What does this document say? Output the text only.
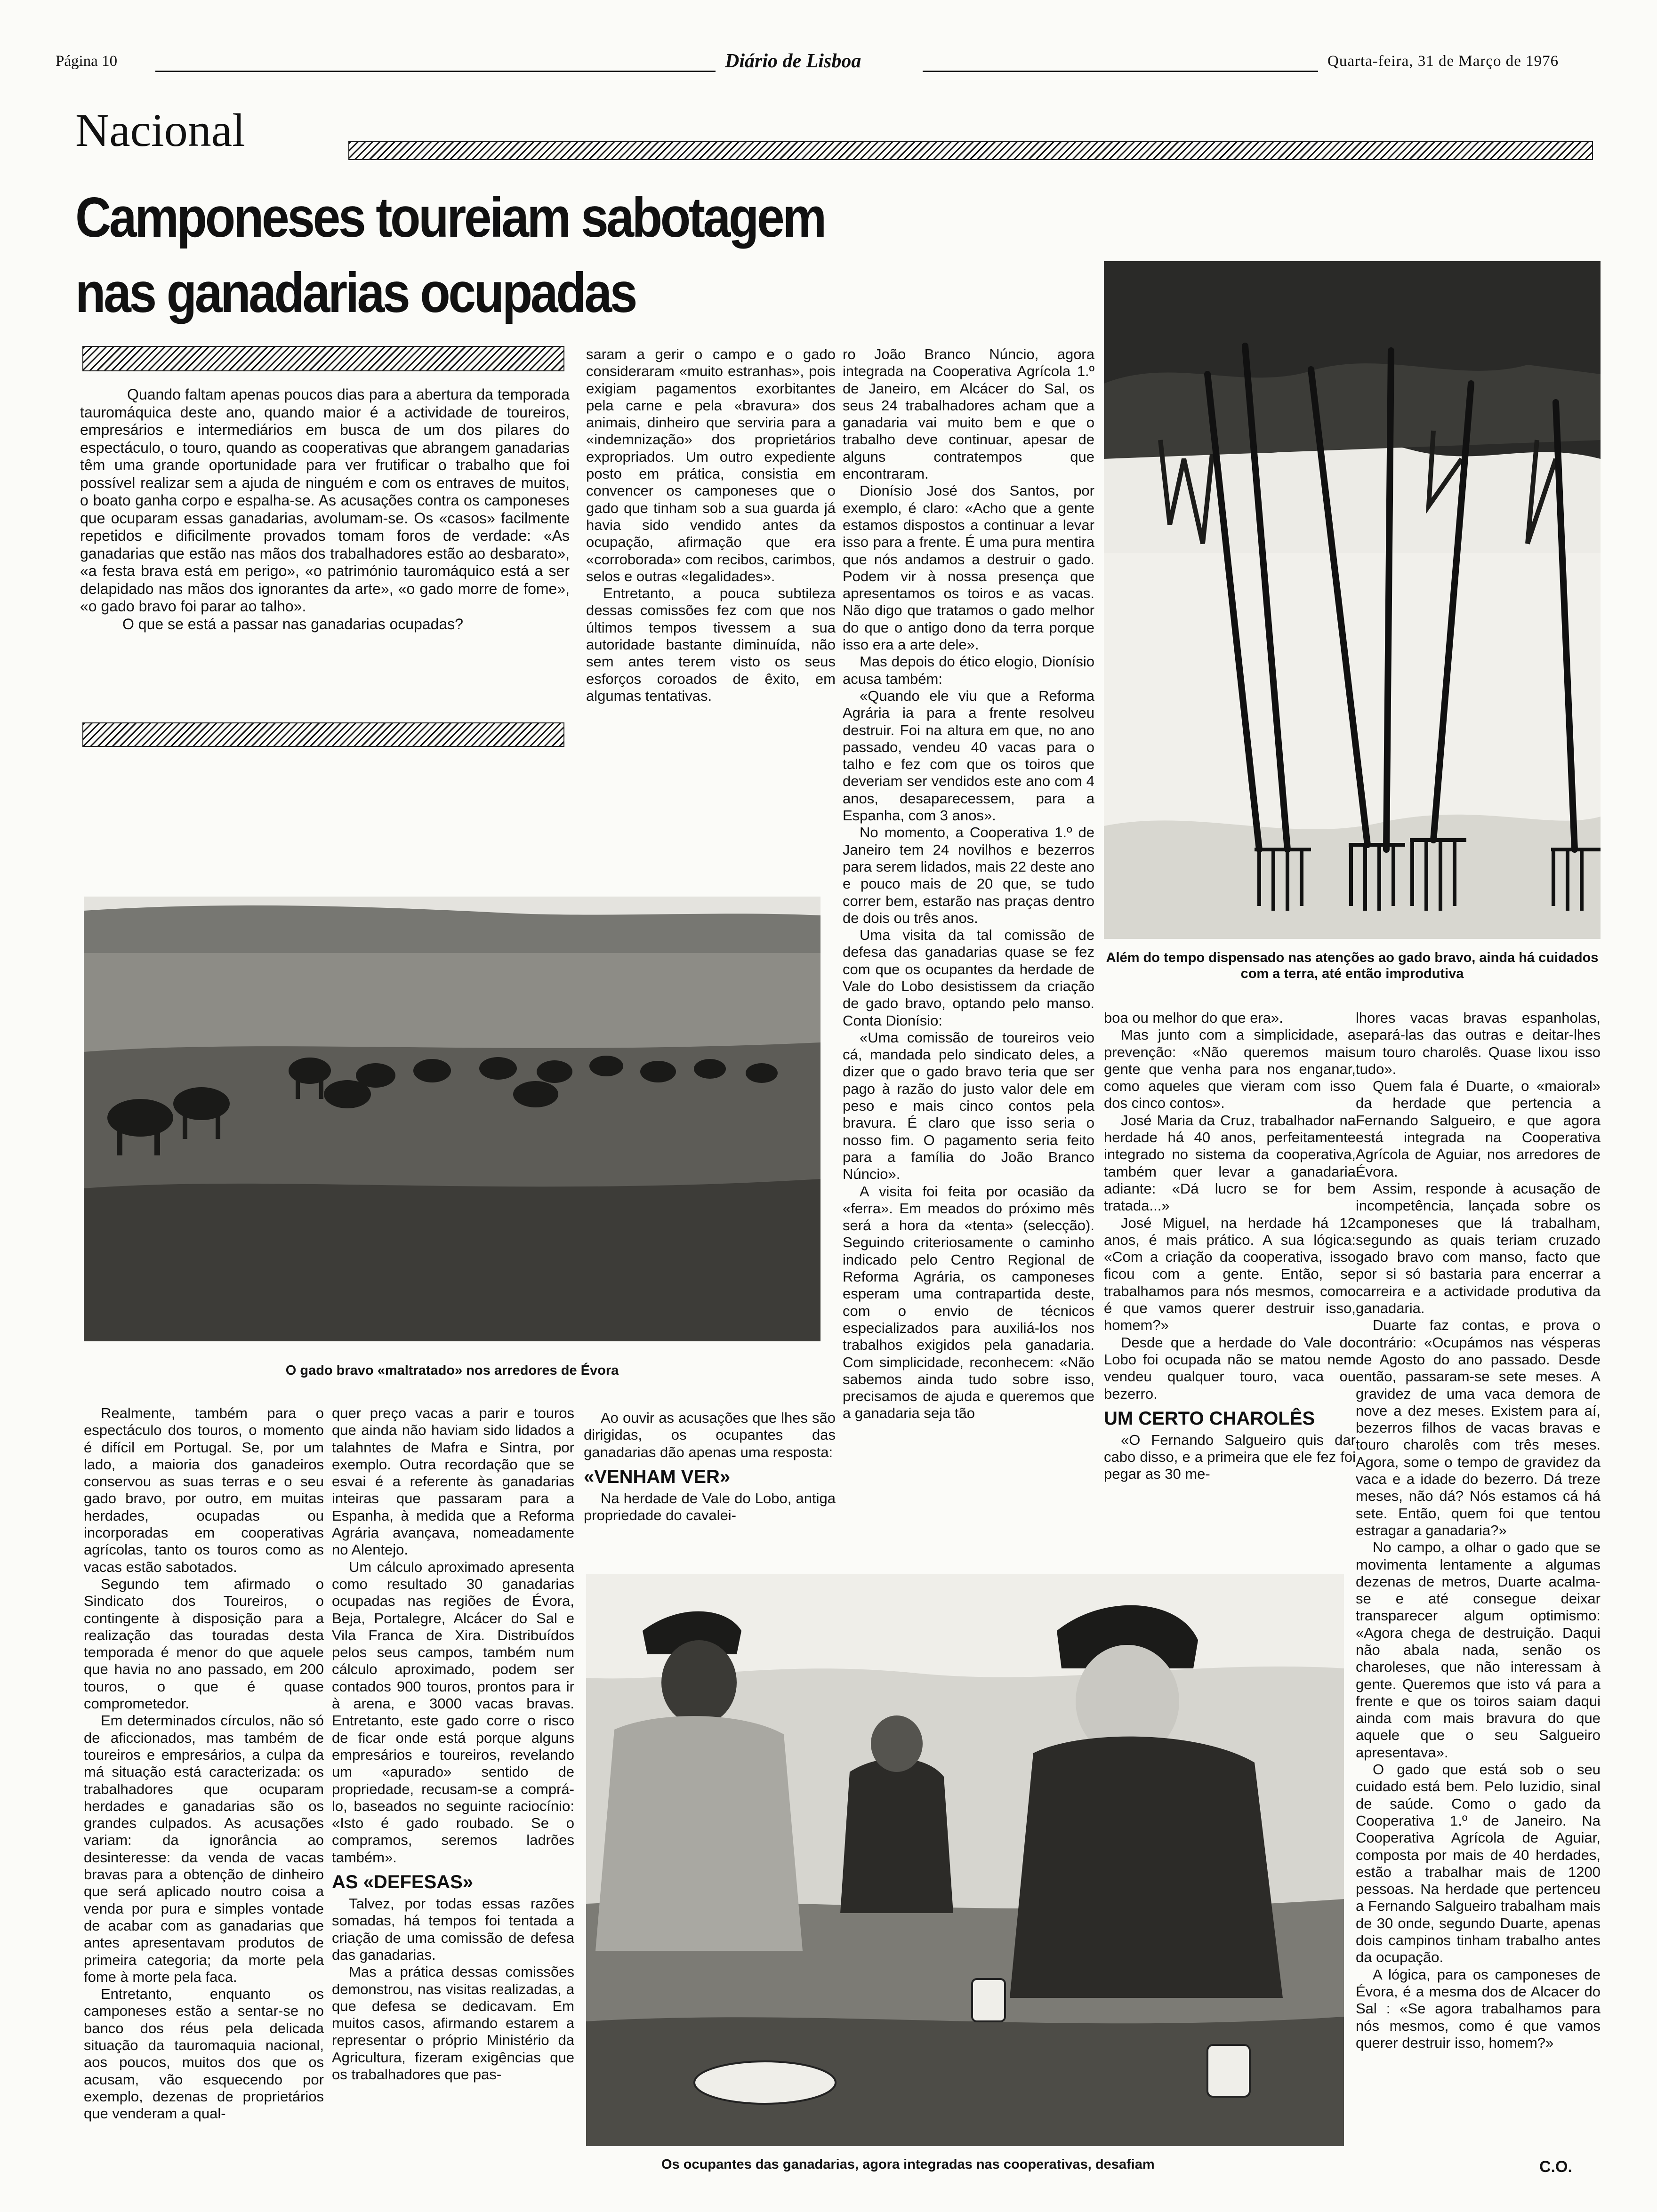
Página 10	Diário de Lisboa	Quarta-feira, 31 de Março de 1976
Nacional
Camponeses toureiam sabotagem
nas ganadarias ocupadas

Quando faltam apenas poucos dias para a abertura da temporada tauromáquica deste ano, quando maior é a actividade de toureiros, empresários e intermediários em busca de um dos pilares do espectáculo, o touro, quando as cooperativas que abrangem ganadarias têm uma grande oportunidade para ver frutificar o trabalho que foi possível realizar sem a ajuda de ninguém e com os entraves de muitos, o boato ganha corpo e espalha-se. As acusações contra os camponeses que ocuparam essas ganadarias, avolumam-se. Os «casos» facilmente repetidos e dificilmente provados tomam foros de verdade: «As ganadarias que estão nas mãos dos trabalhadores estão ao desbarato», «a festa brava está em perigo», «o património tauromáquico está a ser delapidado nas mãos dos ignorantes da arte», «o gado morre de fome», «o gado bravo foi parar ao talho».

O que se está a passar nas ganadarias ocupadas?

saram a gerir o campo e o gado consideraram «muito estranhas», pois exigiam pagamentos exorbitantes pela carne e pela «bravura» dos animais, dinheiro que serviria para a «indemnização» dos proprietários expropriados. Um outro expediente posto em prática, consistia em convencer os camponeses que o gado que tinham sob a sua guarda já havia sido vendido antes da ocupação, afirmação que era «corroborada» com recibos, carimbos, selos e outras «legalidades».

Entretanto, a pouca subtileza dessas comissões fez com que nos últimos tempos tivessem a sua autoridade bastante diminuída, não sem antes terem visto os seus esforços coroados de êxito, em algumas tentativas.

ro João Branco Núncio, agora integrada na Cooperativa Agrícola 1.º de Janeiro, em Alcácer do Sal, os seus 24 trabalhadores acham que a ganadaria vai muito bem e que o trabalho deve continuar, apesar de alguns contratempos que encontraram.

Dionísio José dos Santos, por exemplo, é claro: «Acho que a gente estamos dispostos a continuar a levar isso para a frente. É uma pura mentira que nós andamos a destruir o gado. Podem vir à nossa presença que apresentamos os toiros e as vacas. Não digo que tratamos o gado melhor do que o antigo dono da terra porque isso era a arte dele».

Mas depois do ético elogio, Dionísio acusa também:

«Quando ele viu que a Reforma Agrária ia para a frente resolveu destruir. Foi na altura em que, no ano passado, vendeu 40 vacas para o talho e fez com que os toiros que deveriam ser vendidos este ano com 4 anos, desaparecessem, para a Espanha, com 3 anos».

No momento, a Cooperativa 1.º de Janeiro tem 24 novilhos e bezerros para serem lidados, mais 22 deste ano e pouco mais de 20 que, se tudo correr bem, estarão nas praças dentro de dois ou três anos.

Uma visita da tal comissão de defesa das ganadarias quase se fez com que os ocupantes da herdade de Vale do Lobo desistissem da criação de gado bravo, optando pelo manso. Conta Dionísio:

«Uma comissão de toureiros veio cá, mandada pelo sindicato deles, a dizer que o gado bravo teria que ser pago à razão do justo valor dele em peso e mais cinco contos pela bravura. É claro que isso seria o nosso fim. O pagamento seria feito para a família do João Branco Núncio».

A visita foi feita por ocasião da «ferra». Em meados do próximo mês será a hora da «tenta» (selecção). Seguindo criteriosamente o caminho indicado pelo Centro Regional de Reforma Agrária, os camponeses esperam uma contrapartida deste, com o envio de técnicos especializados para auxiliá-los nos trabalhos exigidos pela ganadaria. Com simplicidade, reconhecem: «Não sabemos ainda tudo sobre isso, precisamos de ajuda e queremos que a ganadaria seja tão

Além do tempo dispensado nas atenções ao gado bravo, ainda há cuidados com a terra, até então improdutiva
O gado bravo «maltratado» nos arredores de Évora

boa ou melhor do que era».

Mas junto com a simplicidade, a prevenção: «Não queremos mais gente que venha para nos enganar, como aqueles que vieram com isso dos cinco contos».

José Maria da Cruz, trabalhador na herdade há 40 anos, perfeitamente integrado no sistema da cooperativa, também quer levar a ganadaria adiante: «Dá lucro se for bem tratada...»

José Miguel, na herdade há 12 anos, é mais prático. A sua lógica: «Com a criação da cooperativa, isso ficou com a gente. Então, se trabalhamos para nós mesmos, como é que vamos querer destruir isso, homem?»

Desde que a herdade do Vale do Lobo foi ocupada não se matou nem vendeu qualquer touro, vaca ou bezerro.

UM CERTO CHAROLÊS

«O Fernando Salgueiro quis dar cabo disso, e a primeira que ele fez foi pegar as 30 me-

lhores vacas bravas espanholas, separá-las das outras e deitar-lhes um touro charolês. Quase lixou isso tudo».

Quem fala é Duarte, o «maioral» da herdade que pertencia a Fernando Salgueiro, e que agora está integrada na Cooperativa Agrícola de Aguiar, nos arredores de Évora.

Assim, responde à acusação de incompetência, lançada sobre os camponeses que lá trabalham, segundo as quais teriam cruzado gado bravo com manso, facto que por si só bastaria para encerrar a carreira e a actividade produtiva da ganadaria.

Duarte faz contas, e prova o contrário: «Ocupámos nas vésperas de Agosto do ano passado. Desde então, passaram-se sete meses. A gravidez de uma vaca demora de nove a dez meses. Existem para aí, bezerros filhos de vacas bravas e touro charolês com três meses. Agora, some o tempo de gravidez da vaca e a idade do bezerro. Dá treze meses, não dá? Nós estamos cá há sete. Então, quem foi que tentou estragar a ganadaria?»

No campo, a olhar o gado que se movimenta lentamente a algumas dezenas de metros, Duarte acalma-se e até consegue deixar transparecer algum optimismo: «Agora chega de destruição. Daqui não abala nada, senão os charoleses, que não interessam à gente. Queremos que isto vá para a frente e que os toiros saiam daqui ainda com mais bravura do que aquele que o seu Salgueiro apresentava».

O gado que está sob o seu cuidado está bem. Pelo luzidio, sinal de saúde. Como o gado da Cooperativa 1.º de Janeiro. Na Cooperativa Agrícola de Aguiar, composta por mais de 40 herdades, estão a trabalhar mais de 1200 pessoas. Na herdade que pertenceu a Fernando Salgueiro trabalham mais de 30 onde, segundo Duarte, apenas dois campinos tinham trabalho antes da ocupação.

A lógica, para os camponeses de Évora, é a mesma dos de Alcacer do Sal : «Se agora trabalhamos para nós mesmos, como é que vamos querer destruir isso, homem?»

Realmente, também para o espectáculo dos touros, o momento é difícil em Portugal. Se, por um lado, a maioria dos ganadeiros conservou as suas terras e o seu gado bravo, por outro, em muitas herdades, ocupadas ou incorporadas em cooperativas agrícolas, tanto os touros como as vacas estão sabotados.

Segundo tem afirmado o Sindicato dos Toureiros, o contingente à disposição para a realização das touradas desta temporada é menor do que aquele que havia no ano passado, em 200 touros, o que é quase comprometedor.

Em determinados círculos, não só de aficcionados, mas também de toureiros e empresários, a culpa da má situação está caracterizada: os trabalhadores que ocuparam herdades e ganadarias são os grandes culpados. As acusações variam: da ignorância ao desinteresse: da venda de vacas bravas para a obtenção de dinheiro que será aplicado noutro coisa a venda por pura e simples vontade de acabar com as ganadarias que antes apresentavam produtos de primeira categoria; da morte pela fome à morte pela faca.

Entretanto, enquanto os camponeses estão a sentar-se no banco dos réus pela delicada situação da tauromaquia nacional, aos poucos, muitos dos que os acusam, vão esquecendo por exemplo, dezenas de proprietários que venderam a qual-

quer preço vacas a parir e touros que ainda não haviam sido lidados a talahntes de Mafra e Sintra, por exemplo. Outra recordação que se esvai é a referente às ganadarias inteiras que passaram para a Espanha, à medida que a Reforma Agrária avançava, nomeadamente no Alentejo.

Um cálculo aproximado apresenta como resultado 30 ganadarias ocupadas nas regiões de Évora, Beja, Portalegre, Alcácer do Sal e Vila Franca de Xira. Distribuídos pelos seus campos, também num cálculo aproximado, podem ser contados 900 touros, prontos para ir à arena, e 3000 vacas bravas. Entretanto, este gado corre o risco de ficar onde está porque alguns empresários e toureiros, revelando um «apurado» sentido de propriedade, recusam-se a comprá-lo, baseados no seguinte raciocínio: «Isto é gado roubado. Se o compramos, seremos ladrões também».

AS «DEFESAS»

Talvez, por todas essas razões somadas, há tempos foi tentada a criação de uma comissão de defesa das ganadarias.

Mas a prática dessas comissões demonstrou, nas visitas realizadas, a que defesa se dedicavam. Em muitos casos, afirmando estarem a representar o próprio Ministério da Agricultura, fizeram exigências que os trabalhadores que pas-

Ao ouvir as acusações que lhes são dirigidas, os ocupantes das ganadarias dão apenas uma resposta:

«VENHAM VER»

Na herdade de Vale do Lobo, antiga propriedade do cavalei-

Os ocupantes das ganadarias, agora integradas nas cooperativas, desafiam	C.O.
